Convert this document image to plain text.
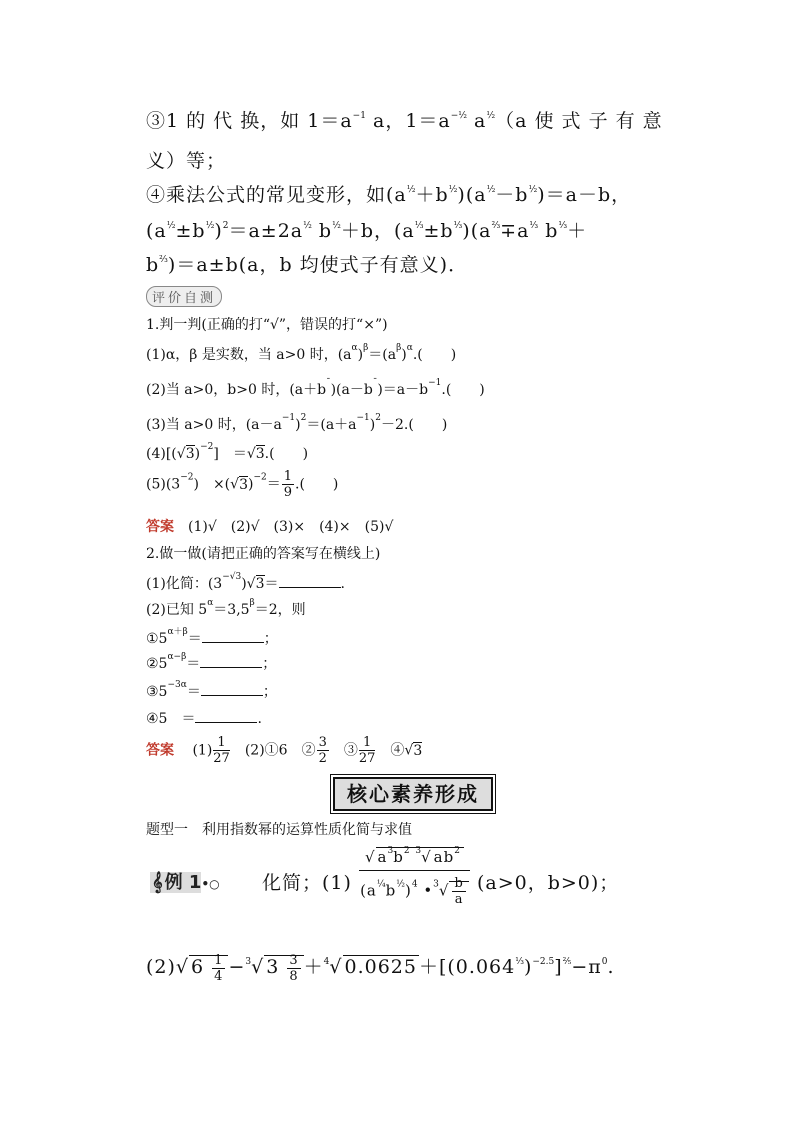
③1 的 代 换，如 $1=a^{-1}$ a，$1=a^{-\frac{1}{2}}$ $a^{\frac{1}{2}}(a$ 使 式 子 有 意
义）等；
④乘法公式的常见变形，如$(a^{\frac{1}{2}}+b^{\frac{1}{2}})(a^{\frac{1}{2}}-b^{\frac{1}{2}})=a-b$，
$(a^{\frac{1}{2}}\pm b^{\frac{1}{2}})^2=a\pm 2a^{\frac{1}{2}}$ $b^{\frac{1}{2}}+b$，$(a^{\frac{1}{3}}\pm b^{\frac{1}{3}})(a^{\frac{2}{3}}\mp a^{\frac{1}{3}}$ $b^{\frac{1}{3}}+$
$b^{\frac{2}{3}})=a\pm b(a$，b 均使式子有意义)．
评价自测
1.判一判(正确的打“√”，错误的打“×”)
(1)α，β 是实数，当 a>0 时，$(a^\alpha)^\beta=(a^\beta)^\alpha$.(　　)
(2)当 a>0，b>0 时，$(a+b^¯)(a-b^¯)=a-b^{-1}$.(　　)
(3)当 a>0 时，$(a-a^{-1})^2=(a+a^{-1})^2-2$.(　　)
$(4)[(√3)^{-2}]$　＝√3.(　　)
$(5)(3^{-2})$　$\times(√3)^{-2}= \frac{1}{9}$ .(　　)
答案　 (1)√　(2)√　(3)×　(4)×　(5)√
2.做一做(请把正确的答案写在横线上)
(1)化简：$(3^{-√3})√3=$	.
(2)已知 $5^\alpha=3,5^\beta=2$，则
$①5^{\alpha+\beta}=$	；
$②5^{\alpha-\beta}=$	；
$③5^{-3\alpha}=$	；
④5　＝	.
答案 　$(1) \frac{1}{27}$ 　(2)①6　② $\frac{3}{2}$ 　③ $\frac{1}{27}$ 　④√3
核心素养形成
题型一　利用指数幂的运算性质化简与求值
𝄞 例 1•○ 化简；$(1) \frac{√ a^3b^2 ^3√ ab^2}{(a^{\frac{1}{4}}b^{\frac{1}{2}})^4 •^3√ \frac{b}{a}} (a>0$，b>0)；
(2)√ $6 \frac{1}{4} -^3√$ $3 \frac{3}{8} +^4√$ $0.0625 +[(0.064^{\frac{1}{3}})^{-2.5}]^{\frac{2}{5}}-\pi^0$.
